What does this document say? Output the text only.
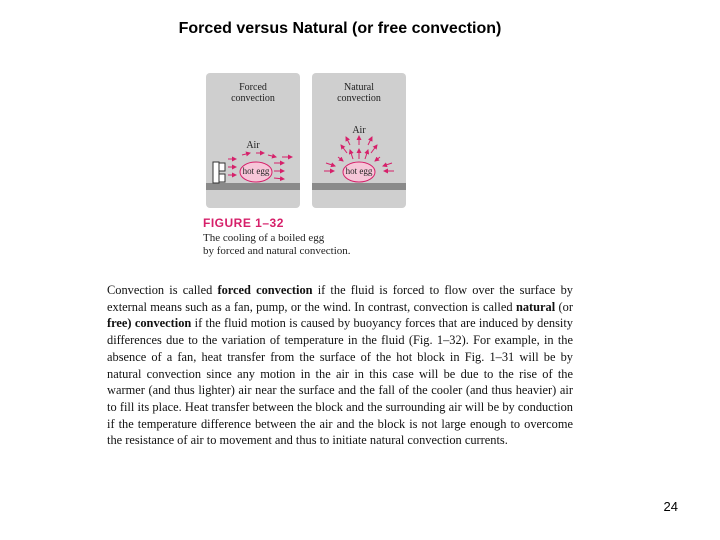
Forced versus Natural (or free convection)
Forced
convection
Air
hot egg
Natural
convection
Air
hot egg
FIGURE 1–32
The cooling of a boiled egg
by forced and natural convection.
Convection is called forced convection if the fluid is forced to flow over the surface by external means such as a fan, pump, or the wind. In contrast, convection is called natural (or free) convection if the fluid motion is caused by buoyancy forces that are induced by density differences due to the variation of temperature in the fluid (Fig. 1–32). For example, in the absence of a fan, heat transfer from the surface of the hot block in Fig. 1–31 will be by natural convection since any motion in the air in this case will be due to the rise of the warmer (and thus lighter) air near the surface and the fall of the cooler (and thus heavier) air to fill its place. Heat transfer between the block and the surrounding air will be by conduction if the temperature difference between the air and the block is not large enough to overcome the resistance of air to movement and thus to initiate natural convection currents.
24
